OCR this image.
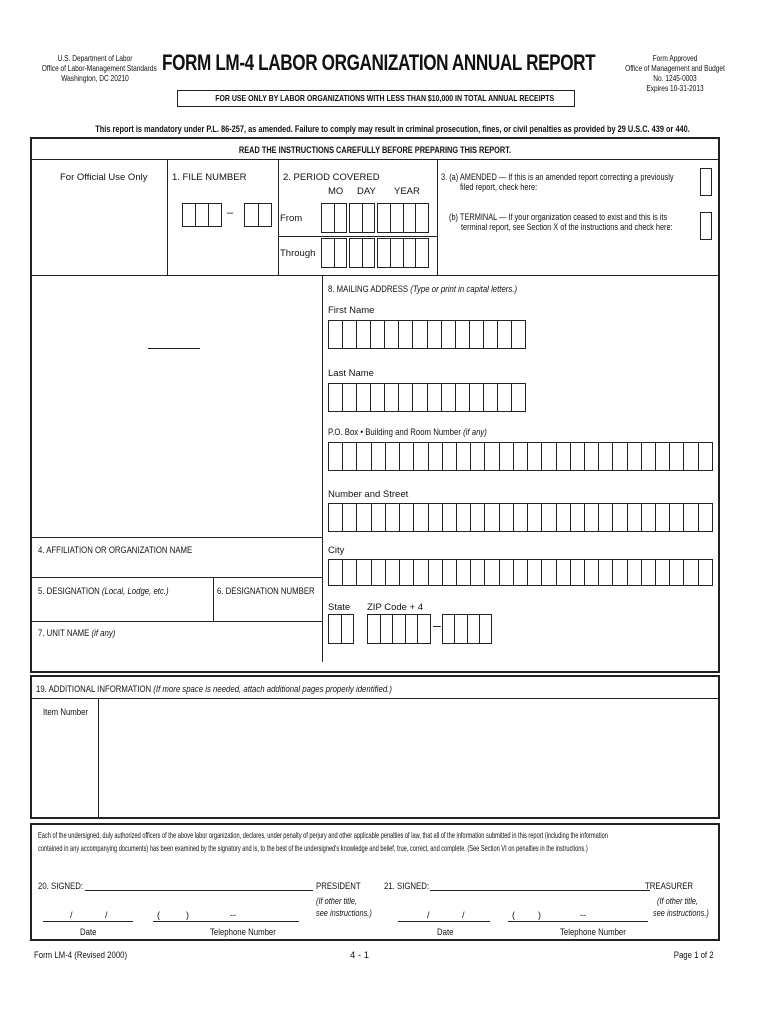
U.S. Department of Labor
Office of Labor-Management Standards
Washington, DC 20210
FORM LM-4 LABOR ORGANIZATION ANNUAL REPORT
FOR USE ONLY BY LABOR ORGANIZATIONS WITH LESS THAN $10,000 IN TOTAL ANNUAL RECEIPTS
Form Approved
Office of Management and Budget
No. 1245-0003
Expires 10-31-2013
This report is mandatory under P.L. 86-257, as amended. Failure to comply may result in criminal prosecution, fines, or civil penalties as provided by 29 U.S.C. 439 or 440.
READ THE INSTRUCTIONS CAREFULLY BEFORE PREPARING THIS REPORT.
For Official Use Only	1. FILE NUMBER
–
2. PERIOD COVERED
MO DAY YEAR
From
Through
3. (a) AMENDED — If this is an amended report correcting a previously
filed report, check here:
(b) TERMINAL — If your organization ceased to exist and this is its
terminal report, see Section X of the instructions and check here:
8. MAILING ADDRESS (Type or print in capital letters.)
First Name
Last Name
P.O. Box • Building and Room Number (if any)
Number and Street
City
State ZIP Code + 4
–
4. AFFILIATION OR ORGANIZATION NAME
5. DESIGNATION (Local, Lodge, etc.)	6. DESIGNATION NUMBER
7. UNIT NAME (if any)
19. ADDITIONAL INFORMATION (If more space is needed, attach additional pages properly identified.)
Item Number
Each of the undersigned, duly authorized officers of the above labor organization, declares, under penalty of perjury and other applicable penalties of law, that all of the information submitted in this report (including the information
contained in any accompanying documents) has been examined by the signatory and is, to the best of the undersigned's knowledge and belief, true, correct, and complete. (See Section VI on penalties in the instructions.)
20. SIGNED:	PRESIDENT
(If other title,
see instructions.)
/	/	(	)	--
Date	Telephone Number
21. SIGNED:	TREASURER
(If other title,
see instructions.)
/	/	(	)	--
Date	Telephone Number
Form LM-4 (Revised 2000)	4 - 1	Page 1 of 2
